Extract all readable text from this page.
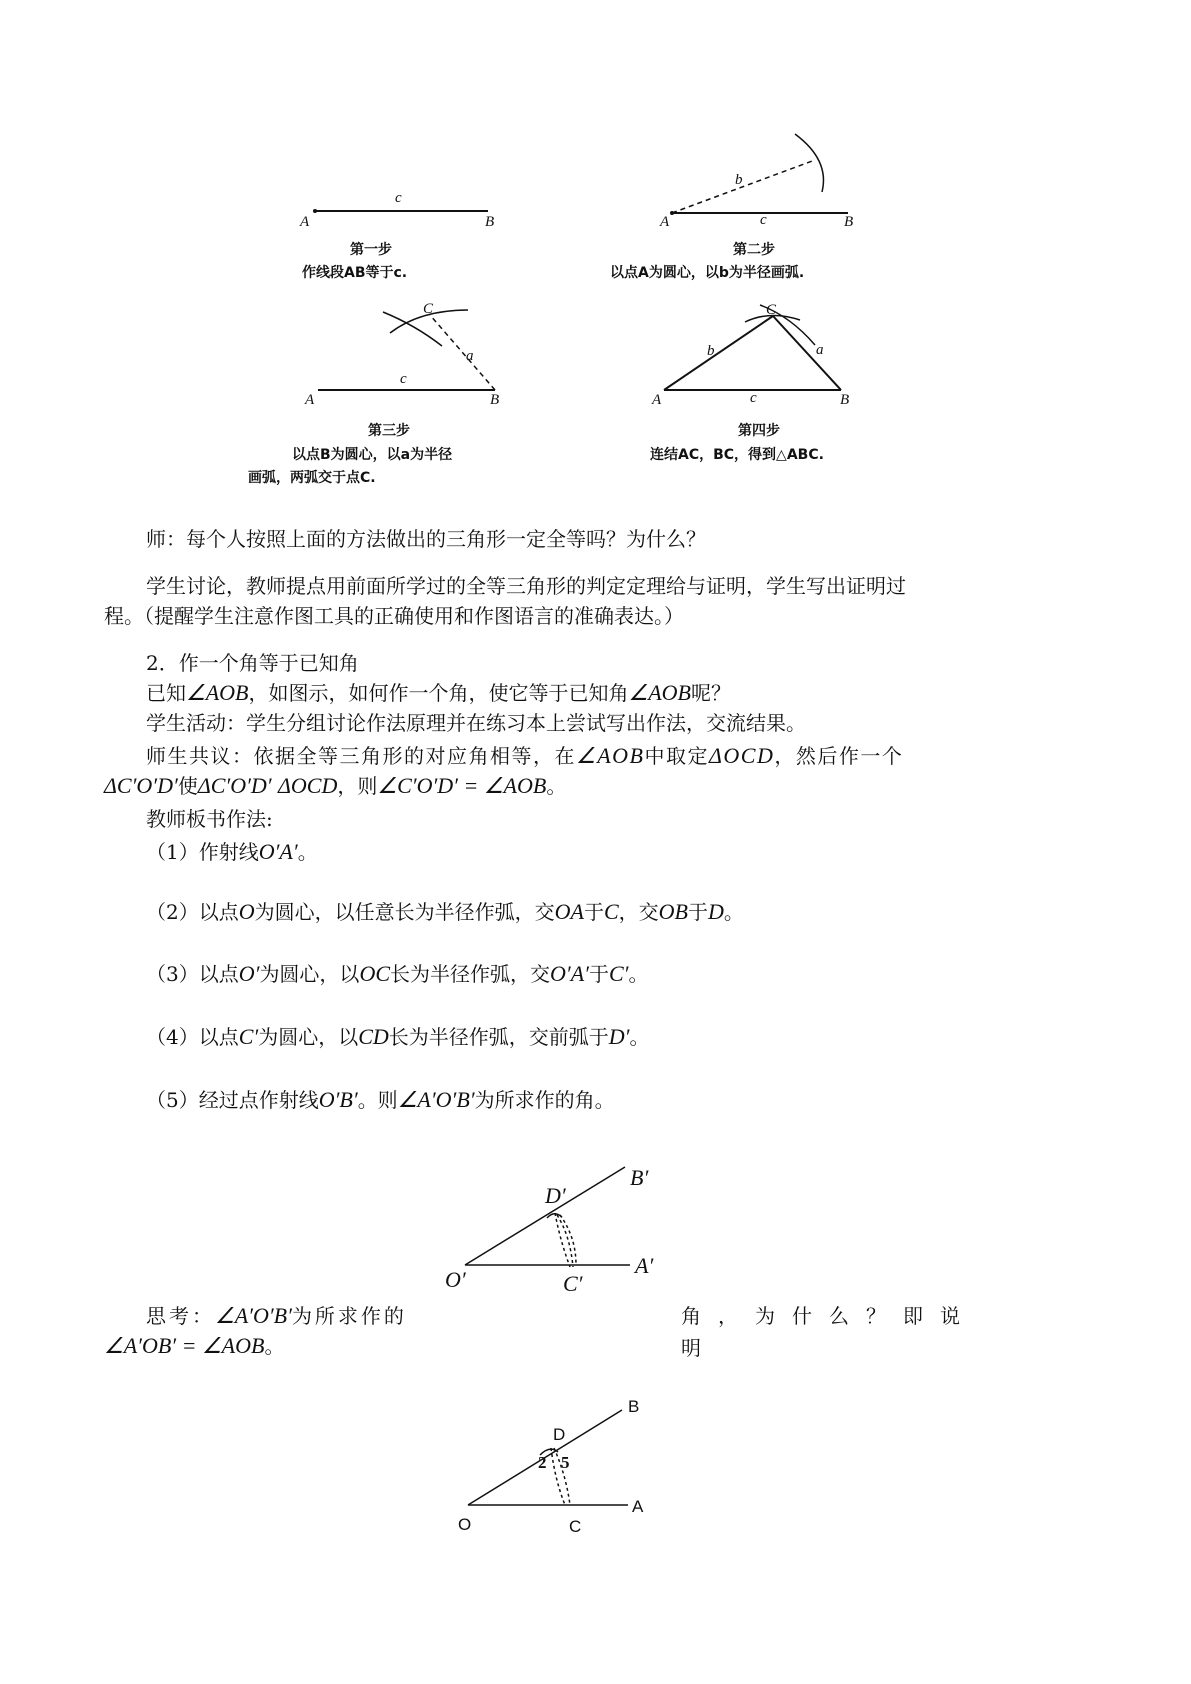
A
c
B	A	c
b
B
A
c
B
a
C
A	c	B
b	a
C
第一步
作线段AB等于c.
第二步
以点A为圆心，以b为半径画弧.
第三步
以点B为圆心，以a为半径
画弧，两弧交于点C.
第四步
连结AC，BC，得到△ABC.
师：每个人按照上面的方法做出的三角形一定全等吗？为什么？
学生讨论，教师提点用前面所学过的全等三角形的判定定理给与证明，学生写出证明过
程。（提醒学生注意作图工具的正确使用和作图语言的准确表达。）
2．作一个角等于已知角
已知∠AOB，如图示，如何作一个角，使它等于已知角∠AOB呢？
学生活动：学生分组讨论作法原理并在练习本上尝试写出作法，交流结果。
师生共议：依据全等三角形的对应角相等，在∠AOB中取定ΔOCD，然后作一个
ΔC′O′D′使ΔC′O′D′ ΔOCD，则∠C′O′D′ = ∠AOB。
教师板书作法:
（1）作射线O′A′。
（2）以点O为圆心，以任意长为半径作弧，交OA于C，交OB于D。
（3）以点O′为圆心，以OC长为半径作弧，交O′A′于C′。
（4）以点C′为圆心，以CD长为半径作弧，交前弧于D′。
（5）经过点作射线O′B′。则∠A′O′B′为所求作的角。
D′
B′
O′	C′
A′
思考：∠A′O′B′为所求作的	角，为什么？即说明
∠A′OB′ = ∠AOB。
B
D
2 5
O	C
A
